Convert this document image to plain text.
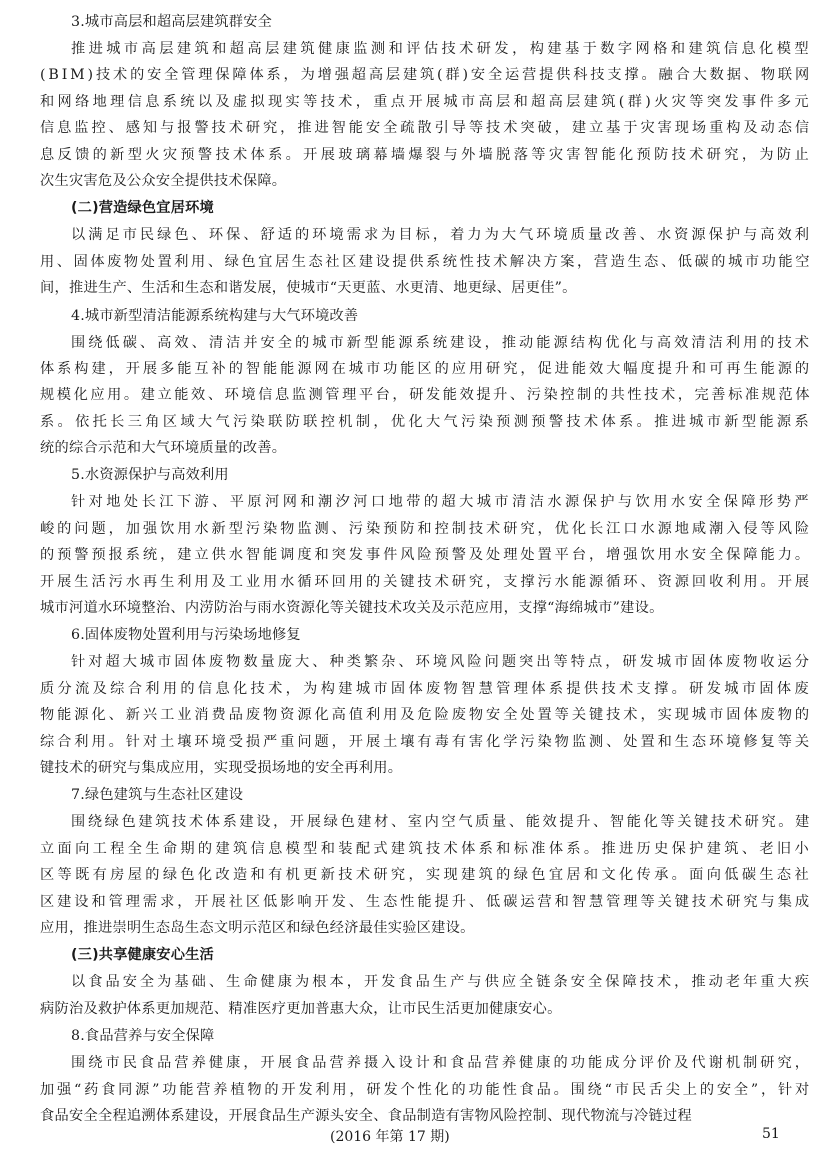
3.城市高层和超高层建筑群安全
推进城市高层建筑和超高层建筑健康监测和评估技术研发，构建基于数字网格和建筑信息化模型
(BIM)技术的安全管理保障体系，为增强超高层建筑(群)安全运营提供科技支撑。融合大数据、物联网
和网络地理信息系统以及虚拟现实等技术，重点开展城市高层和超高层建筑(群)火灾等突发事件多元
信息监控、感知与报警技术研究，推进智能安全疏散引导等技术突破，建立基于灾害现场重构及动态信
息反馈的新型火灾预警技术体系。开展玻璃幕墙爆裂与外墙脱落等灾害智能化预防技术研究，为防止
次生灾害危及公众安全提供技术保障。
(二)营造绿色宜居环境
以满足市民绿色、环保、舒适的环境需求为目标，着力为大气环境质量改善、水资源保护与高效利
用、固体废物处置利用、绿色宜居生态社区建设提供系统性技术解决方案，营造生态、低碳的城市功能空
间，推进生产、生活和生态和谐发展，使城市“天更蓝、水更清、地更绿、居更佳”。
4.城市新型清洁能源系统构建与大气环境改善
围绕低碳、高效、清洁并安全的城市新型能源系统建设，推动能源结构优化与高效清洁利用的技术
体系构建，开展多能互补的智能能源网在城市功能区的应用研究，促进能效大幅度提升和可再生能源的
规模化应用。建立能效、环境信息监测管理平台，研发能效提升、污染控制的共性技术，完善标准规范体
系。依托长三角区域大气污染联防联控机制，优化大气污染预测预警技术体系。推进城市新型能源系
统的综合示范和大气环境质量的改善。
5.水资源保护与高效利用
针对地处长江下游、平原河网和潮汐河口地带的超大城市清洁水源保护与饮用水安全保障形势严
峻的问题，加强饮用水新型污染物监测、污染预防和控制技术研究，优化长江口水源地咸潮入侵等风险
的预警预报系统，建立供水智能调度和突发事件风险预警及处理处置平台，增强饮用水安全保障能力。
开展生活污水再生利用及工业用水循环回用的关键技术研究，支撑污水能源循环、资源回收利用。开展
城市河道水环境整治、内涝防治与雨水资源化等关键技术攻关及示范应用，支撑“海绵城市”建设。
6.固体废物处置利用与污染场地修复
针对超大城市固体废物数量庞大、种类繁杂、环境风险问题突出等特点，研发城市固体废物收运分
质分流及综合利用的信息化技术，为构建城市固体废物智慧管理体系提供技术支撑。研发城市固体废
物能源化、新兴工业消费品废物资源化高值利用及危险废物安全处置等关键技术，实现城市固体废物的
综合利用。针对土壤环境受损严重问题，开展土壤有毒有害化学污染物监测、处置和生态环境修复等关
键技术的研究与集成应用，实现受损场地的安全再利用。
7.绿色建筑与生态社区建设
围绕绿色建筑技术体系建设，开展绿色建材、室内空气质量、能效提升、智能化等关键技术研究。建
立面向工程全生命期的建筑信息模型和装配式建筑技术体系和标准体系。推进历史保护建筑、老旧小
区等既有房屋的绿色化改造和有机更新技术研究，实现建筑的绿色宜居和文化传承。面向低碳生态社
区建设和管理需求，开展社区低影响开发、生态性能提升、低碳运营和智慧管理等关键技术研究与集成
应用，推进崇明生态岛生态文明示范区和绿色经济最佳实验区建设。
(三)共享健康安心生活
以食品安全为基础、生命健康为根本，开发食品生产与供应全链条安全保障技术，推动老年重大疾
病防治及救护体系更加规范、精准医疗更加普惠大众，让市民生活更加健康安心。
8.食品营养与安全保障
围绕市民食品营养健康，开展食品营养摄入设计和食品营养健康的功能成分评价及代谢机制研究，
加强“药食同源”功能营养植物的开发利用，研发个性化的功能性食品。围绕“市民舌尖上的安全”，针对
食品安全全程追溯体系建设，开展食品生产源头安全、食品制造有害物风险控制、现代物流与冷链过程
(2016 年第 17 期)	51
